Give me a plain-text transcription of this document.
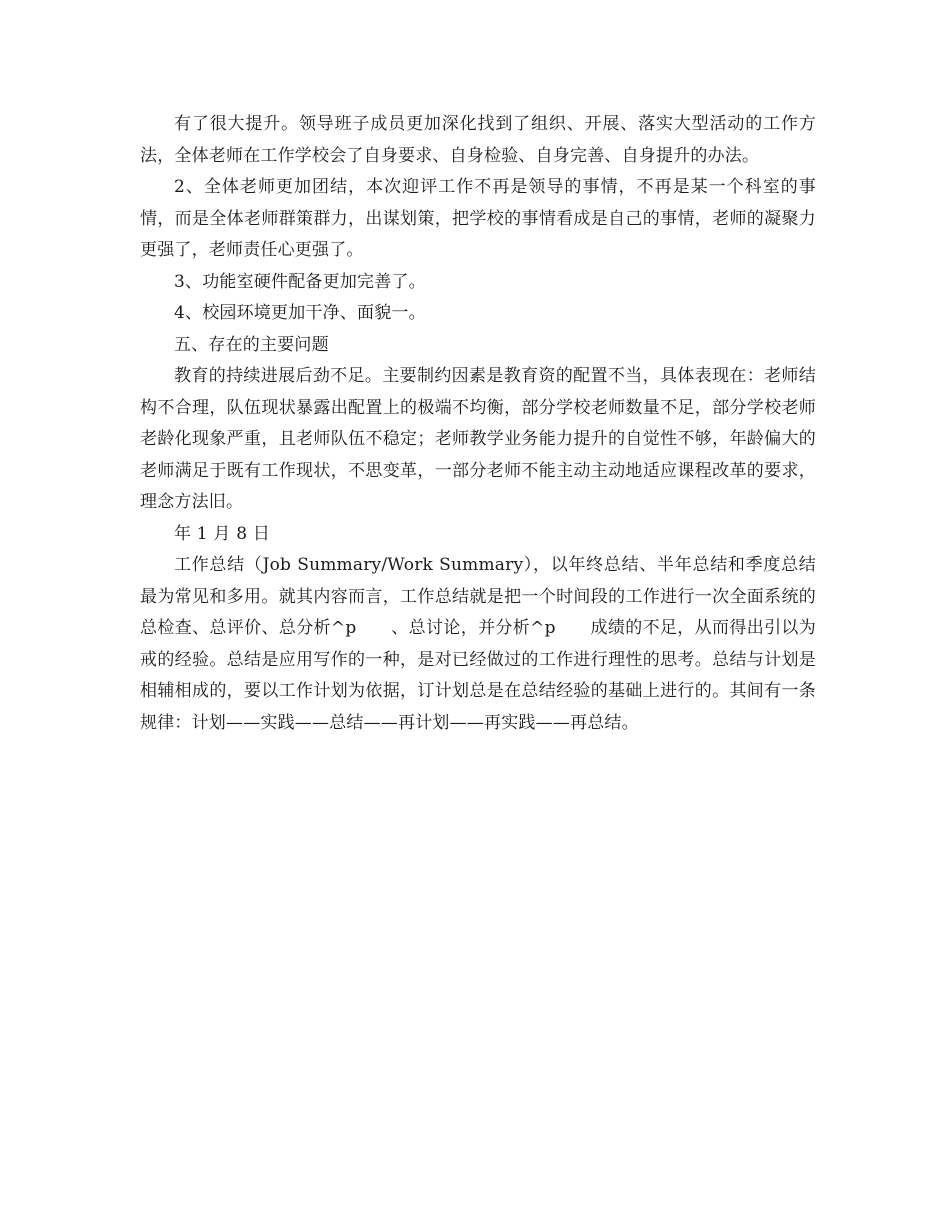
有了很大提升。领导班子成员更加深化找到了组织、开展、落实大型活动的工作方法，全体老师在工作学校会了自身要求、自身检验、自身完善、自身提升的办法。

2、全体老师更加团结，本次迎评工作不再是领导的事情，不再是某一个科室的事情，而是全体老师群策群力，出谋划策，把学校的事情看成是自己的事情，老师的凝聚力更强了，老师责任心更强了。

3、功能室硬件配备更加完善了。

4、校园环境更加干净、面貌一。

五、存在的主要问题

教育的持续进展后劲不足。主要制约因素是教育资的配置不当，具体表现在：老师结构不合理，队伍现状暴露出配置上的极端不均衡，部分学校老师数量不足，部分学校老师老龄化现象严重，且老师队伍不稳定；老师教学业务能力提升的自觉性不够，年龄偏大的老师满足于既有工作现状，不思变革，一部分老师不能主动主动地适应课程改革的要求，理念方法旧。

年 1 月 8 日

工作总结（Job Summary/Work Summary），以年终总结、半年总结和季度总结最为常见和多用。就其内容而言，工作总结就是把一个时间段的工作进行一次全面系统的总检查、总评价、总分析^p　　、总讨论，并分析^p　　成绩的不足，从而得出引以为戒的经验。总结是应用写作的一种，是对已经做过的工作进行理性的思考。总结与计划是相辅相成的，要以工作计划为依据，订计划总是在总结经验的基础上进行的。其间有一条规律：计划——实践——总结——再计划——再实践——再总结。
